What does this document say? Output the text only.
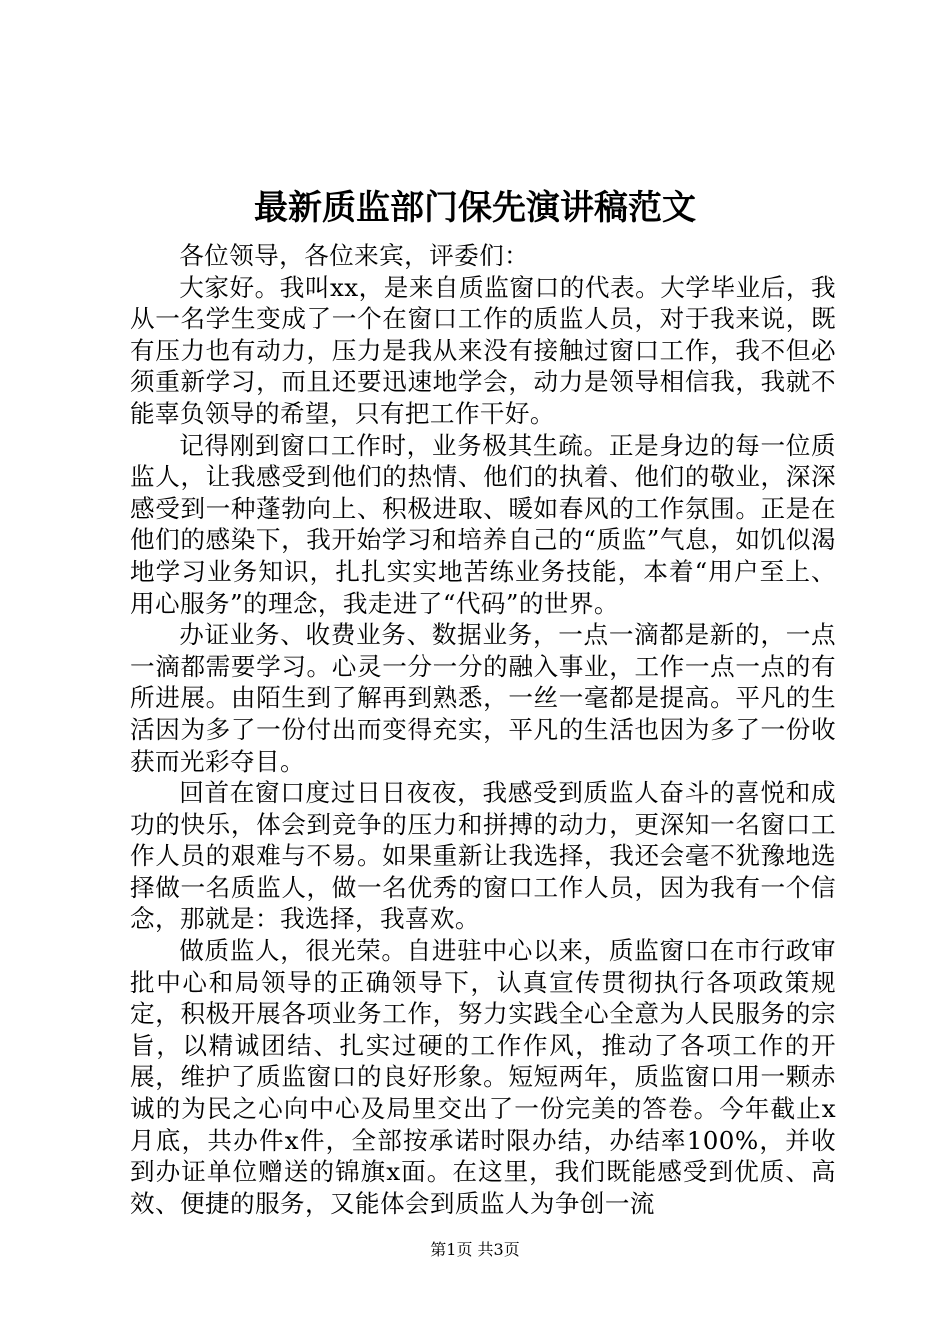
最新质监部门保先演讲稿范文

各位领导，各位来宾，评委们：

大家好。我叫xx，是来自质监窗口的代表。大学毕业后，我从一名学生变成了一个在窗口工作的质监人员，对于我来说，既有压力也有动力，压力是我从来没有接触过窗口工作，我不但必须重新学习，而且还要迅速地学会，动力是领导相信我，我就不能辜负领导的希望，只有把工作干好。

记得刚到窗口工作时，业务极其生疏。正是身边的每一位质监人，让我感受到他们的热情、他们的执着、他们的敬业，深深感受到一种蓬勃向上、积极进取、暖如春风的工作氛围。正是在他们的感染下，我开始学习和培养自己的“质监”气息，如饥似渴地学习业务知识，扎扎实实地苦练业务技能，本着“用户至上、用心服务”的理念，我走进了“代码”的世界。

办证业务、收费业务、数据业务，一点一滴都是新的，一点一滴都需要学习。心灵一分一分的融入事业，工作一点一点的有所进展。由陌生到了解再到熟悉，一丝一毫都是提高。平凡的生活因为多了一份付出而变得充实，平凡的生活也因为多了一份收获而光彩夺目。

回首在窗口度过日日夜夜，我感受到质监人奋斗的喜悦和成功的快乐，体会到竞争的压力和拼搏的动力，更深知一名窗口工作人员的艰难与不易。如果重新让我选择，我还会毫不犹豫地选择做一名质监人，做一名优秀的窗口工作人员，因为我有一个信念，那就是：我选择，我喜欢。

做质监人，很光荣。自进驻中心以来，质监窗口在市行政审批中心和局领导的正确领导下，认真宣传贯彻执行各项政策规定，积极开展各项业务工作，努力实践全心全意为人民服务的宗旨，以精诚团结、扎实过硬的工作作风，推动了各项工作的开展，维护了质监窗口的良好形象。短短两年，质监窗口用一颗赤诚的为民之心向中心及局里交出了一份完美的答卷。今年截止x月底，共办件x件，全部按承诺时限办结，办结率100%，并收到办证单位赠送的锦旗x面。在这里，我们既能感受到优质、高效、便捷的服务，又能体会到质监人为争创一流

第1页 共3页
